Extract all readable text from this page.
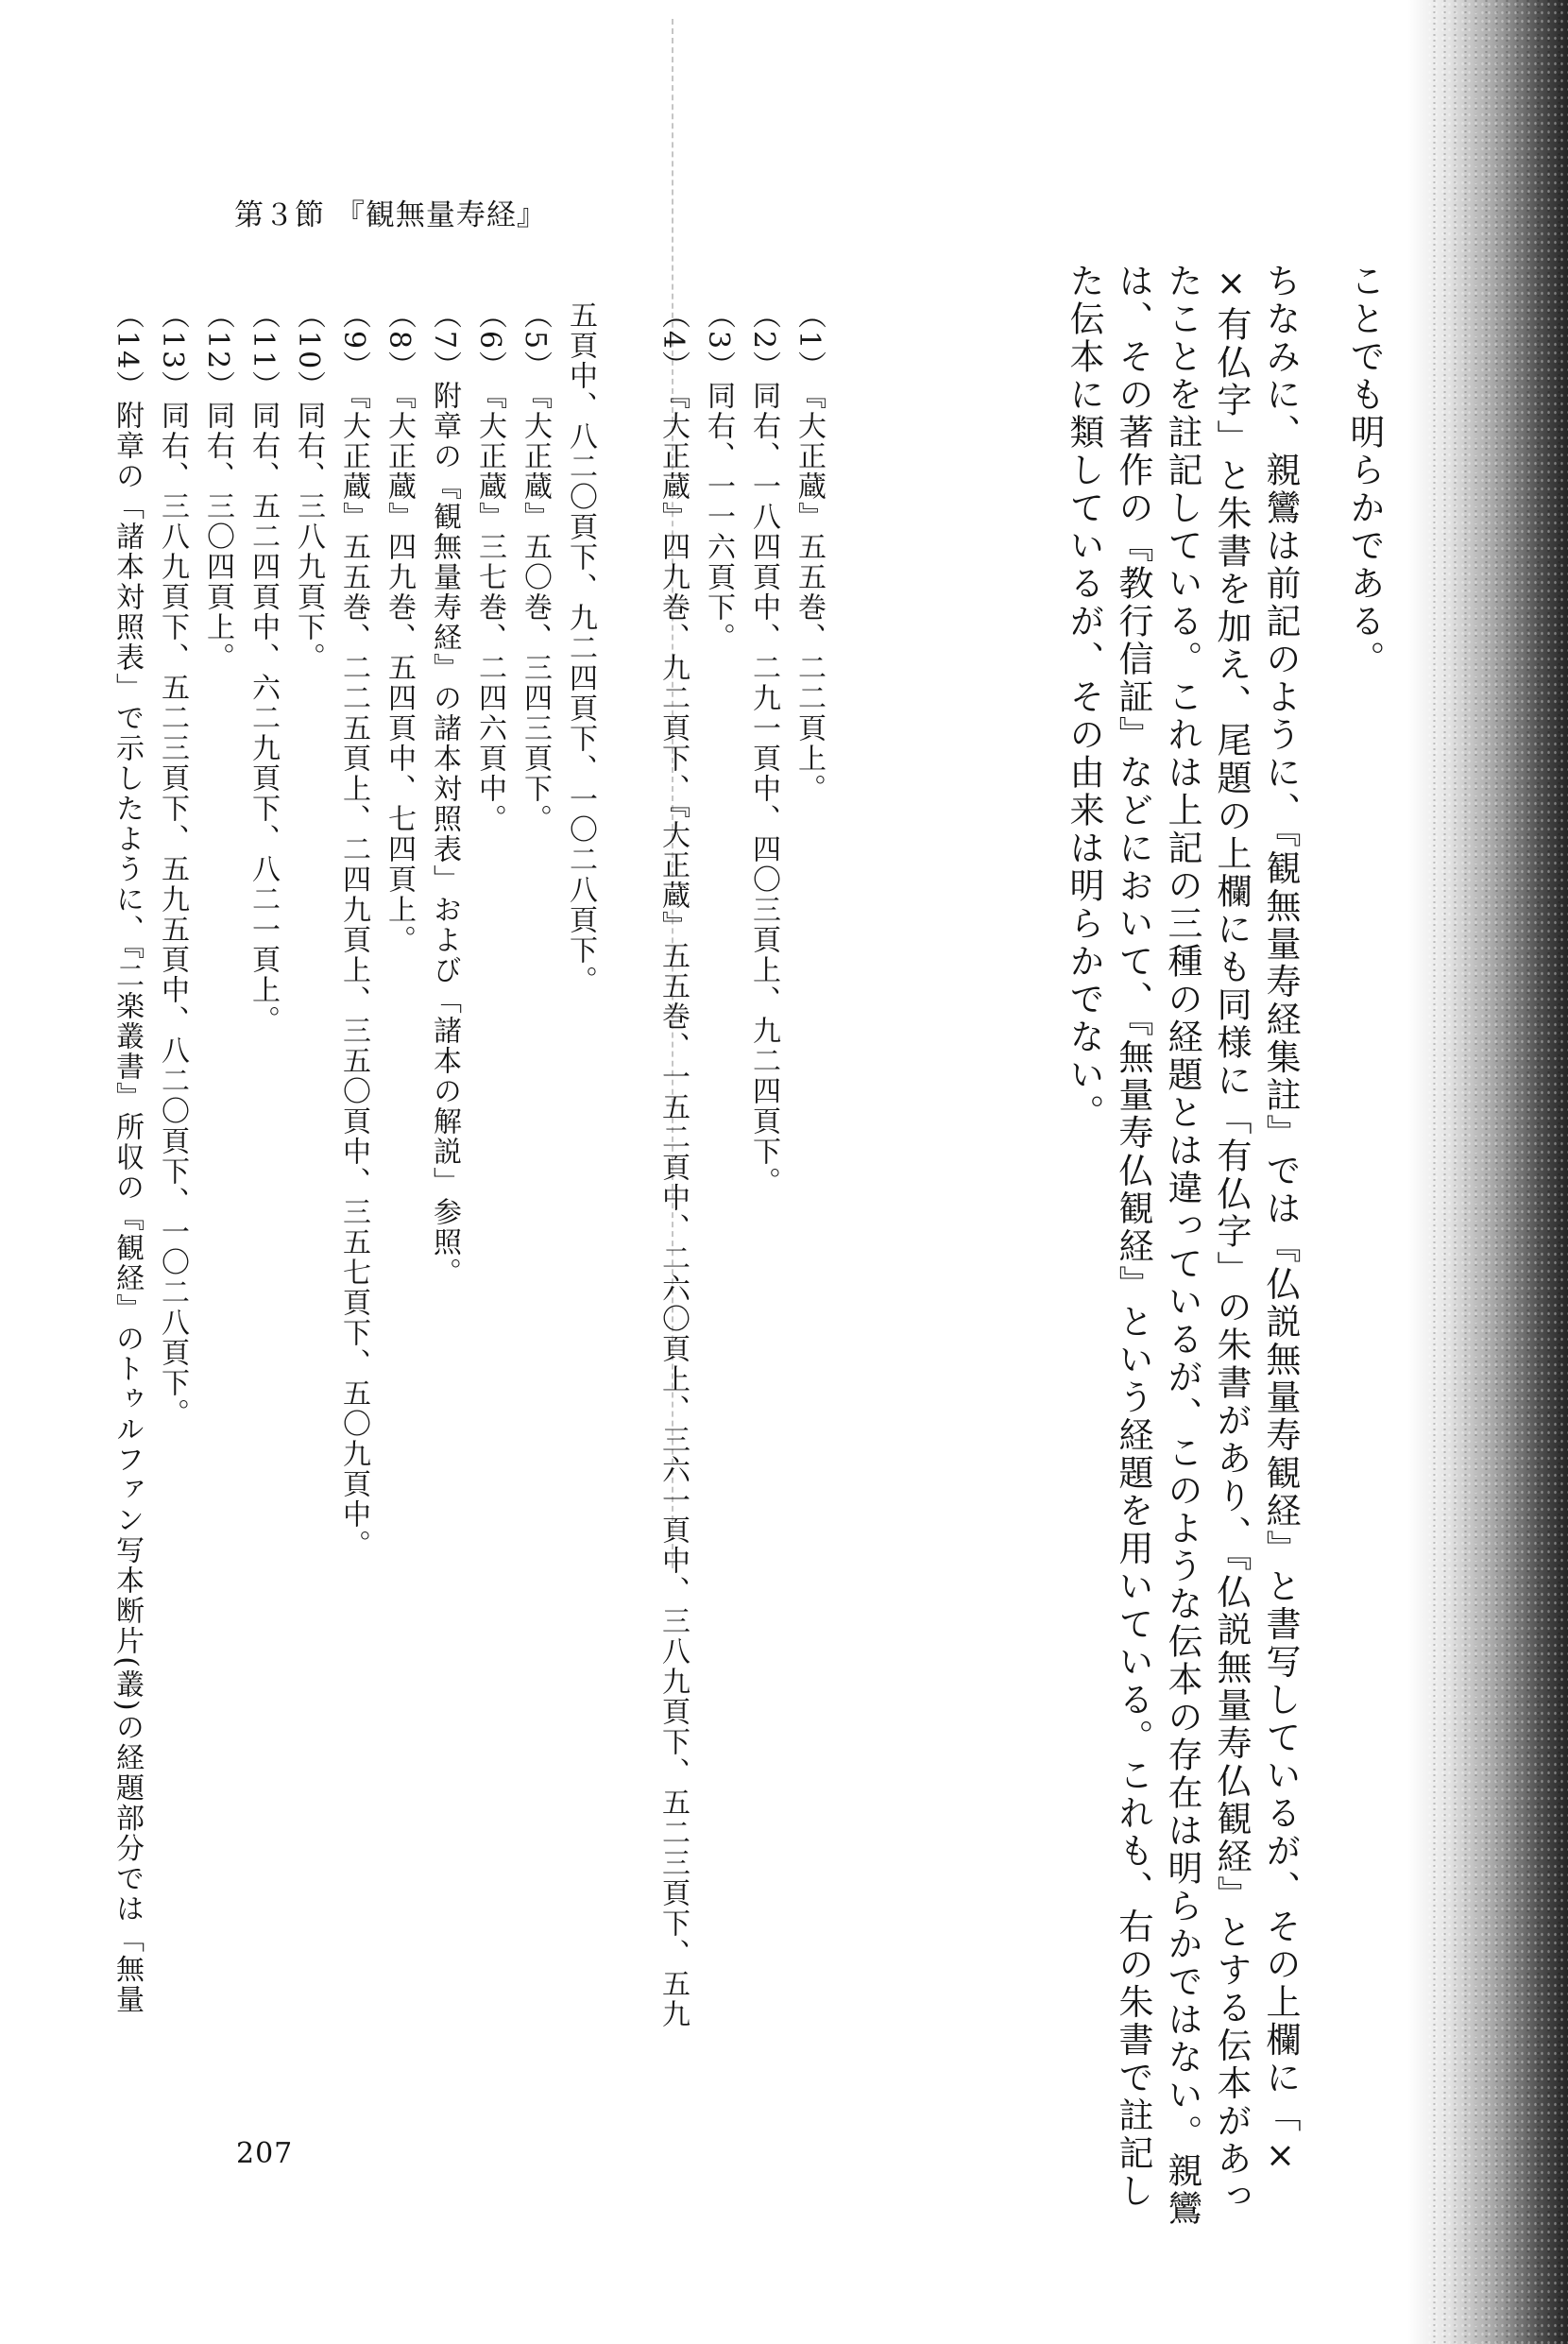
第３節 『観無量寿経』
ことでも明らかである。
ちなみに、親鸞は前記のように、『観無量寿経集註』では『仏説無量寿観経』と書写しているが、その上欄に「×
×有仏字」と朱書を加え、尾題の上欄にも同様に「有仏字」の朱書があり、『仏説無量寿仏観経』とする伝本があっ
たことを註記している。これは上記の三種の経題とは違っているが、このような伝本の存在は明らかではない。親鸞
は、その著作の『教行信証』などにおいて、『無量寿仏観経』という経題を用いている。これも、右の朱書で註記し
た伝本に類しているが、その由来は明らかでない。
（1）『大正蔵』五五巻、二二頁上。
（2）同右、一八四頁中、二九一頁中、四〇三頁上、九二四頁下。
（3）同右、一一六頁下。
（4）『大正蔵』四九巻、九二頁下、『大正蔵』五五巻、一五二頁中、二六〇頁上、三六一頁中、三八九頁下、五二三頁下、五九
五頁中、八二〇頁下、九二四頁下、一〇二八頁下。
（5）『大正蔵』五〇巻、三四三頁下。
（6）『大正蔵』三七巻、二四六頁中。
（7）附章の『観無量寿経』の諸本対照表」および「諸本の解説」参照。
（8）『大正蔵』四九巻、五四頁中、七四頁上。
（9）『大正蔵』五五巻、二二五頁上、二四九頁上、三五〇頁中、三五七頁下、五〇九頁中。
（10）同右、三八九頁下。
（11）同右、五二四頁中、六二九頁下、八二一頁上。
（12）同右、三〇四頁上。
（13）同右、三八九頁下、五二三頁下、五九五頁中、八二〇頁下、一〇二八頁下。
（14）附章の「諸本対照表」で示したように、『二楽叢書』所収の『観経』のトゥルファン写本断片(叢)の経題部分では「無量
207
